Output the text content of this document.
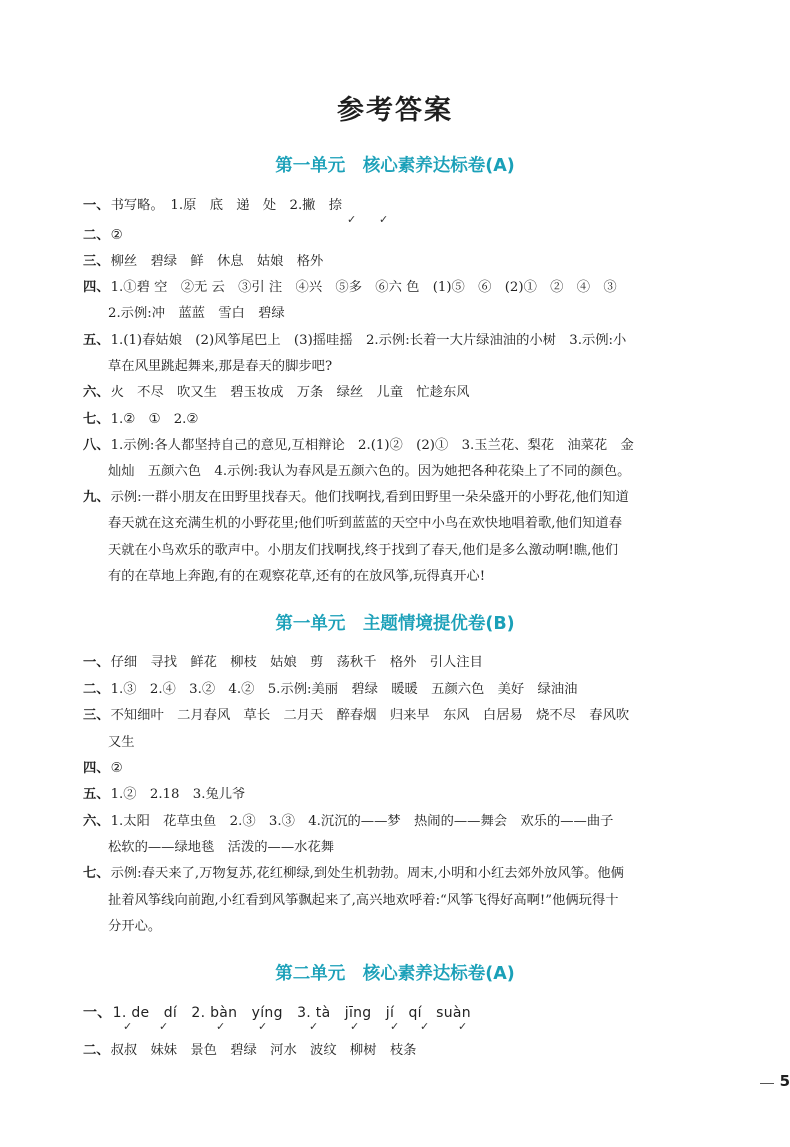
参考答案
第一单元　核心素养达标卷(A)
一、书写略。　1.原　底　递　处　2.撇　捺
✓ ✓
二、②
三、柳丝　碧绿　鲜　休息　姑娘　格外
四、1.①碧 空　②无 云　③引 注　④兴　⑤多　⑥六 色　(1)⑤　⑥　(2)①　②　④　③
2.示例:冲　蓝蓝　雪白　碧绿
五、1.(1)春姑娘　(2)风筝尾巴上　(3)摇哇摇　2.示例:长着一大片绿油油的小树　3.示例:小
草在风里跳起舞来,那是春天的脚步吧?
六、火　不尽　吹又生　碧玉妆成　万条　绿丝　儿童　忙趁东风
七、1.②　①　2.②
八、1.示例:各人都坚持自己的意见,互相辩论　2.(1)②　(2)①　3.玉兰花、梨花　油菜花　金
灿灿　五颜六色　4.示例:我认为春风是五颜六色的。因为她把各种花染上了不同的颜色。
九、示例:一群小朋友在田野里找春天。他们找啊找,看到田野里一朵朵盛开的小野花,他们知道
春天就在这充满生机的小野花里;他们听到蓝蓝的天空中小鸟在欢快地唱着歌,他们知道春
天就在小鸟欢乐的歌声中。小朋友们找啊找,终于找到了春天,他们是多么激动啊!瞧,他们
有的在草地上奔跑,有的在观察花草,还有的在放风筝,玩得真开心!
第一单元　主题情境提优卷(B)
一、仔细　寻找　鲜花　柳枝　姑娘　剪　荡秋千　格外　引人注目
二、1.③　2.④　3.②　4.②　5.示例:美丽　碧绿　暖暖　五颜六色　美好　绿油油
三、不知细叶　二月春风　草长　二月天　醉春烟　归来早　东风　白居易　烧不尽　春风吹
又生
四、②
五、1.②　2.18　3.兔儿爷
六、1.太阳　花草虫鱼　2.③　3.③　4.沉沉的——梦　热闹的——舞会　欢乐的——曲子
松软的——绿地毯　活泼的——水花舞
七、示例:春天来了,万物复苏,花红柳绿,到处生机勃勃。周末,小明和小红去郊外放风筝。他俩
扯着风筝线向前跑,小红看到风筝飘起来了,高兴地欢呼着:“风筝飞得好高啊!”他俩玩得十
分开心。
第二单元　核心素养达标卷(A)
一、1. de　dí　2. bàn　yíng　3. tà　jīng　jí　qí　suàn
✓ ✓	✓	✓	✓	✓	✓ ✓	✓
二、叔叔　妹妹　景色　碧绿　河水　波纹　柳树　枝条
5
